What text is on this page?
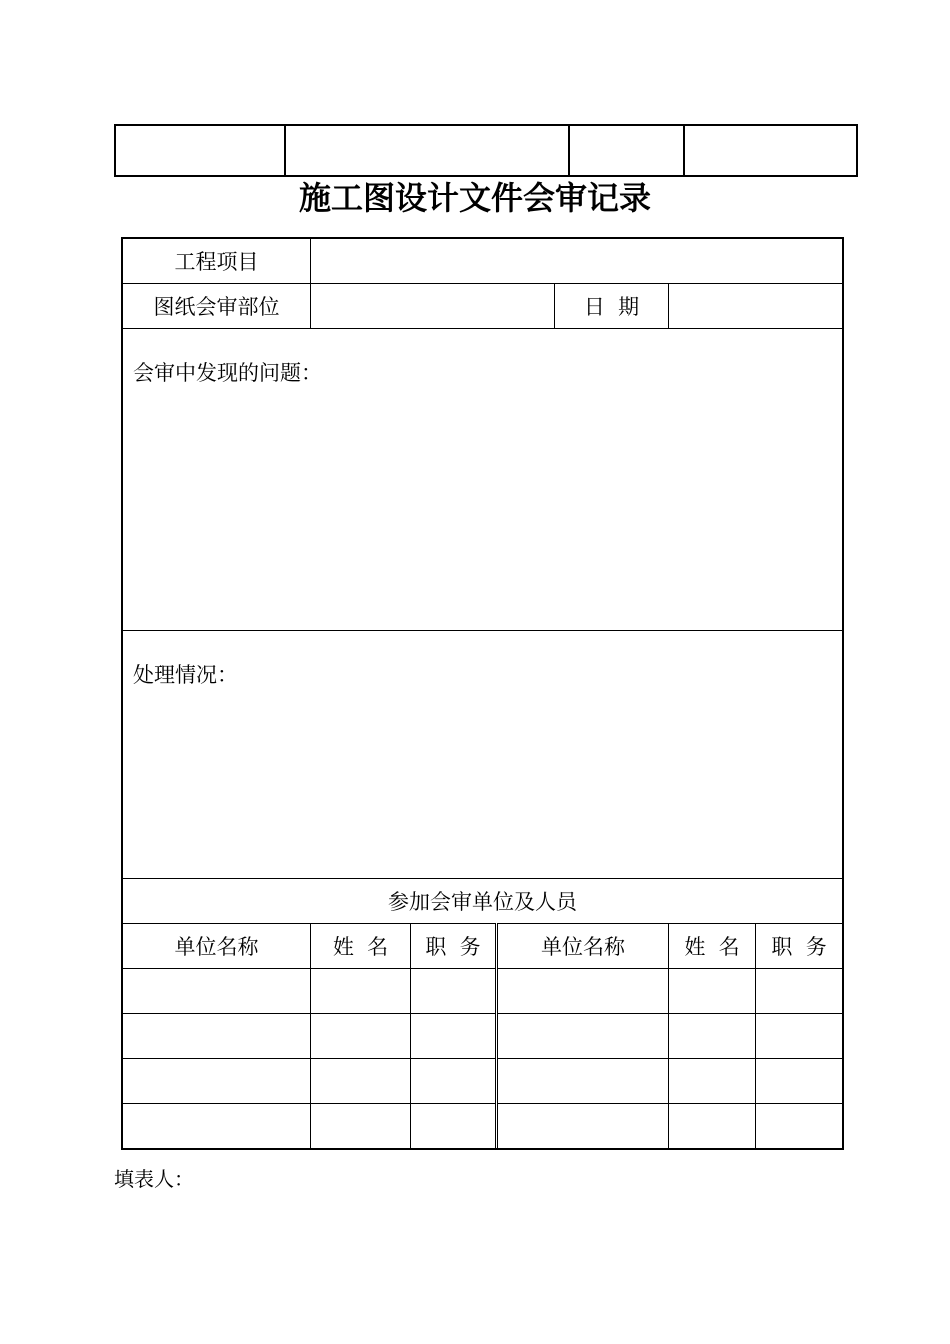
施工图设计文件会审记录
工程项目						
图纸会审部位				日  期		
会审中发现的问题：						
处理情况：						
参加会审单位及人员						
单位名称	姓  名	职  务	单位名称		姓  名	职  务

填表人：
